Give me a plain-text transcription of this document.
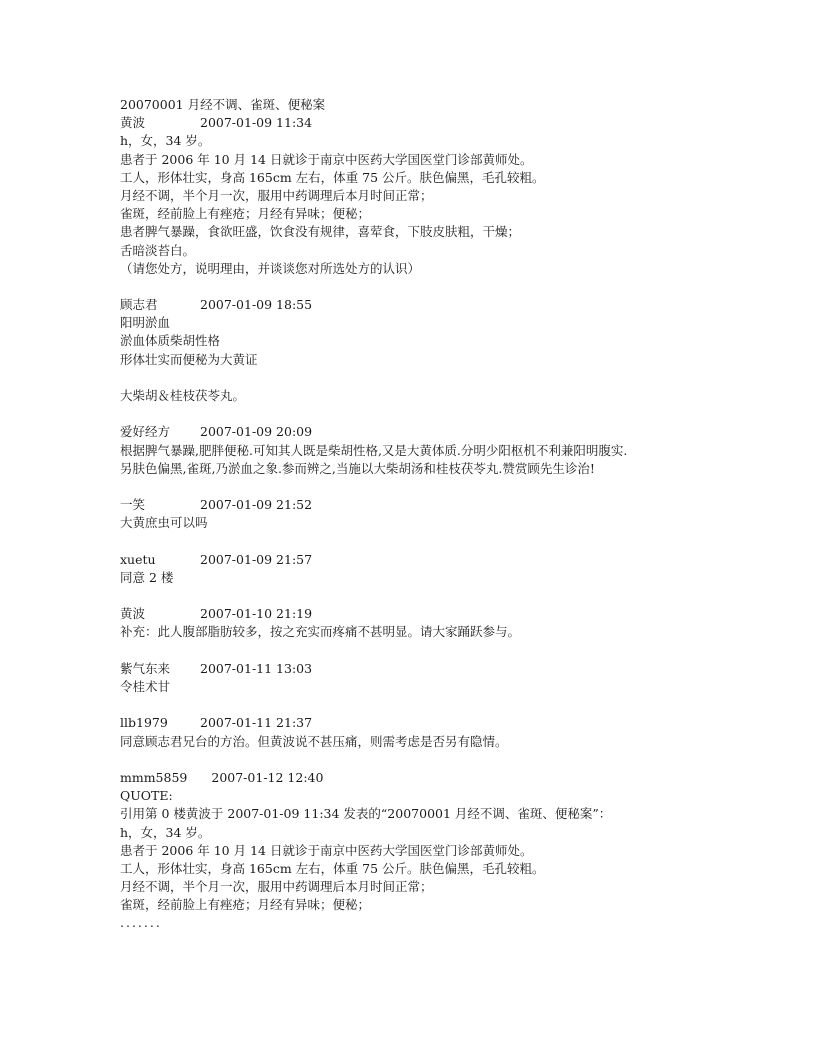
20070001 月经不调、雀斑、便秘案
黄波	2007-01-09 11:34
h，女，34 岁。
患者于 2006 年 10 月 14 日就诊于南京中医药大学国医堂门诊部黄师处。
工人，形体壮实，身高 165cm 左右，体重 75 公斤。肤色偏黑，毛孔较粗。
月经不调，半个月一次，服用中药调理后本月时间正常；
雀斑，经前脸上有痤疮；月经有异味；便秘；
患者脾气暴躁，食欲旺盛，饮食没有规律，喜荤食，下肢皮肤粗，干燥；
舌暗淡苔白。
（请您处方，说明理由，并谈谈您对所选处方的认识）
顾志君	2007-01-09 18:55
阳明淤血
淤血体质柴胡性格
形体壮实而便秘为大黄证
大柴胡＆桂枝茯苓丸。
爱好经方 2007-01-09 20:09
根据脾气暴躁,肥胖便秘.可知其人既是柴胡性格,又是大黄体质.分明少阳枢机不利兼阳明腹实.
另肤色偏黑,雀斑,乃淤血之象.参而辨之,当施以大柴胡汤和桂枝茯苓丸.赞赏顾先生诊治!
一笑	2007-01-09 21:52
大黄庶虫可以吗
xuetu	2007-01-09 21:57
同意 2 楼
黄波	2007-01-10 21:19
补充：此人腹部脂肪较多，按之充实而疼痛不甚明显。请大家踊跃参与。
紫气东来 2007-01-11 13:03
令桂术甘
llb1979	2007-01-11 21:37
同意顾志君兄台的方治。但黄波说不甚压痛，则需考虑是否另有隐情。
mmm5859 2007-01-12 12:40
QUOTE:
引用第 0 楼黄波于 2007-01-09 11:34 发表的“20070001 月经不调、雀斑、便秘案”：
h，女，34 岁。
患者于 2006 年 10 月 14 日就诊于南京中医药大学国医堂门诊部黄师处。
工人，形体壮实，身高 165cm 左右，体重 75 公斤。肤色偏黑，毛孔较粗。
月经不调，半个月一次，服用中药调理后本月时间正常；
雀斑，经前脸上有痤疮；月经有异味；便秘；
.......
